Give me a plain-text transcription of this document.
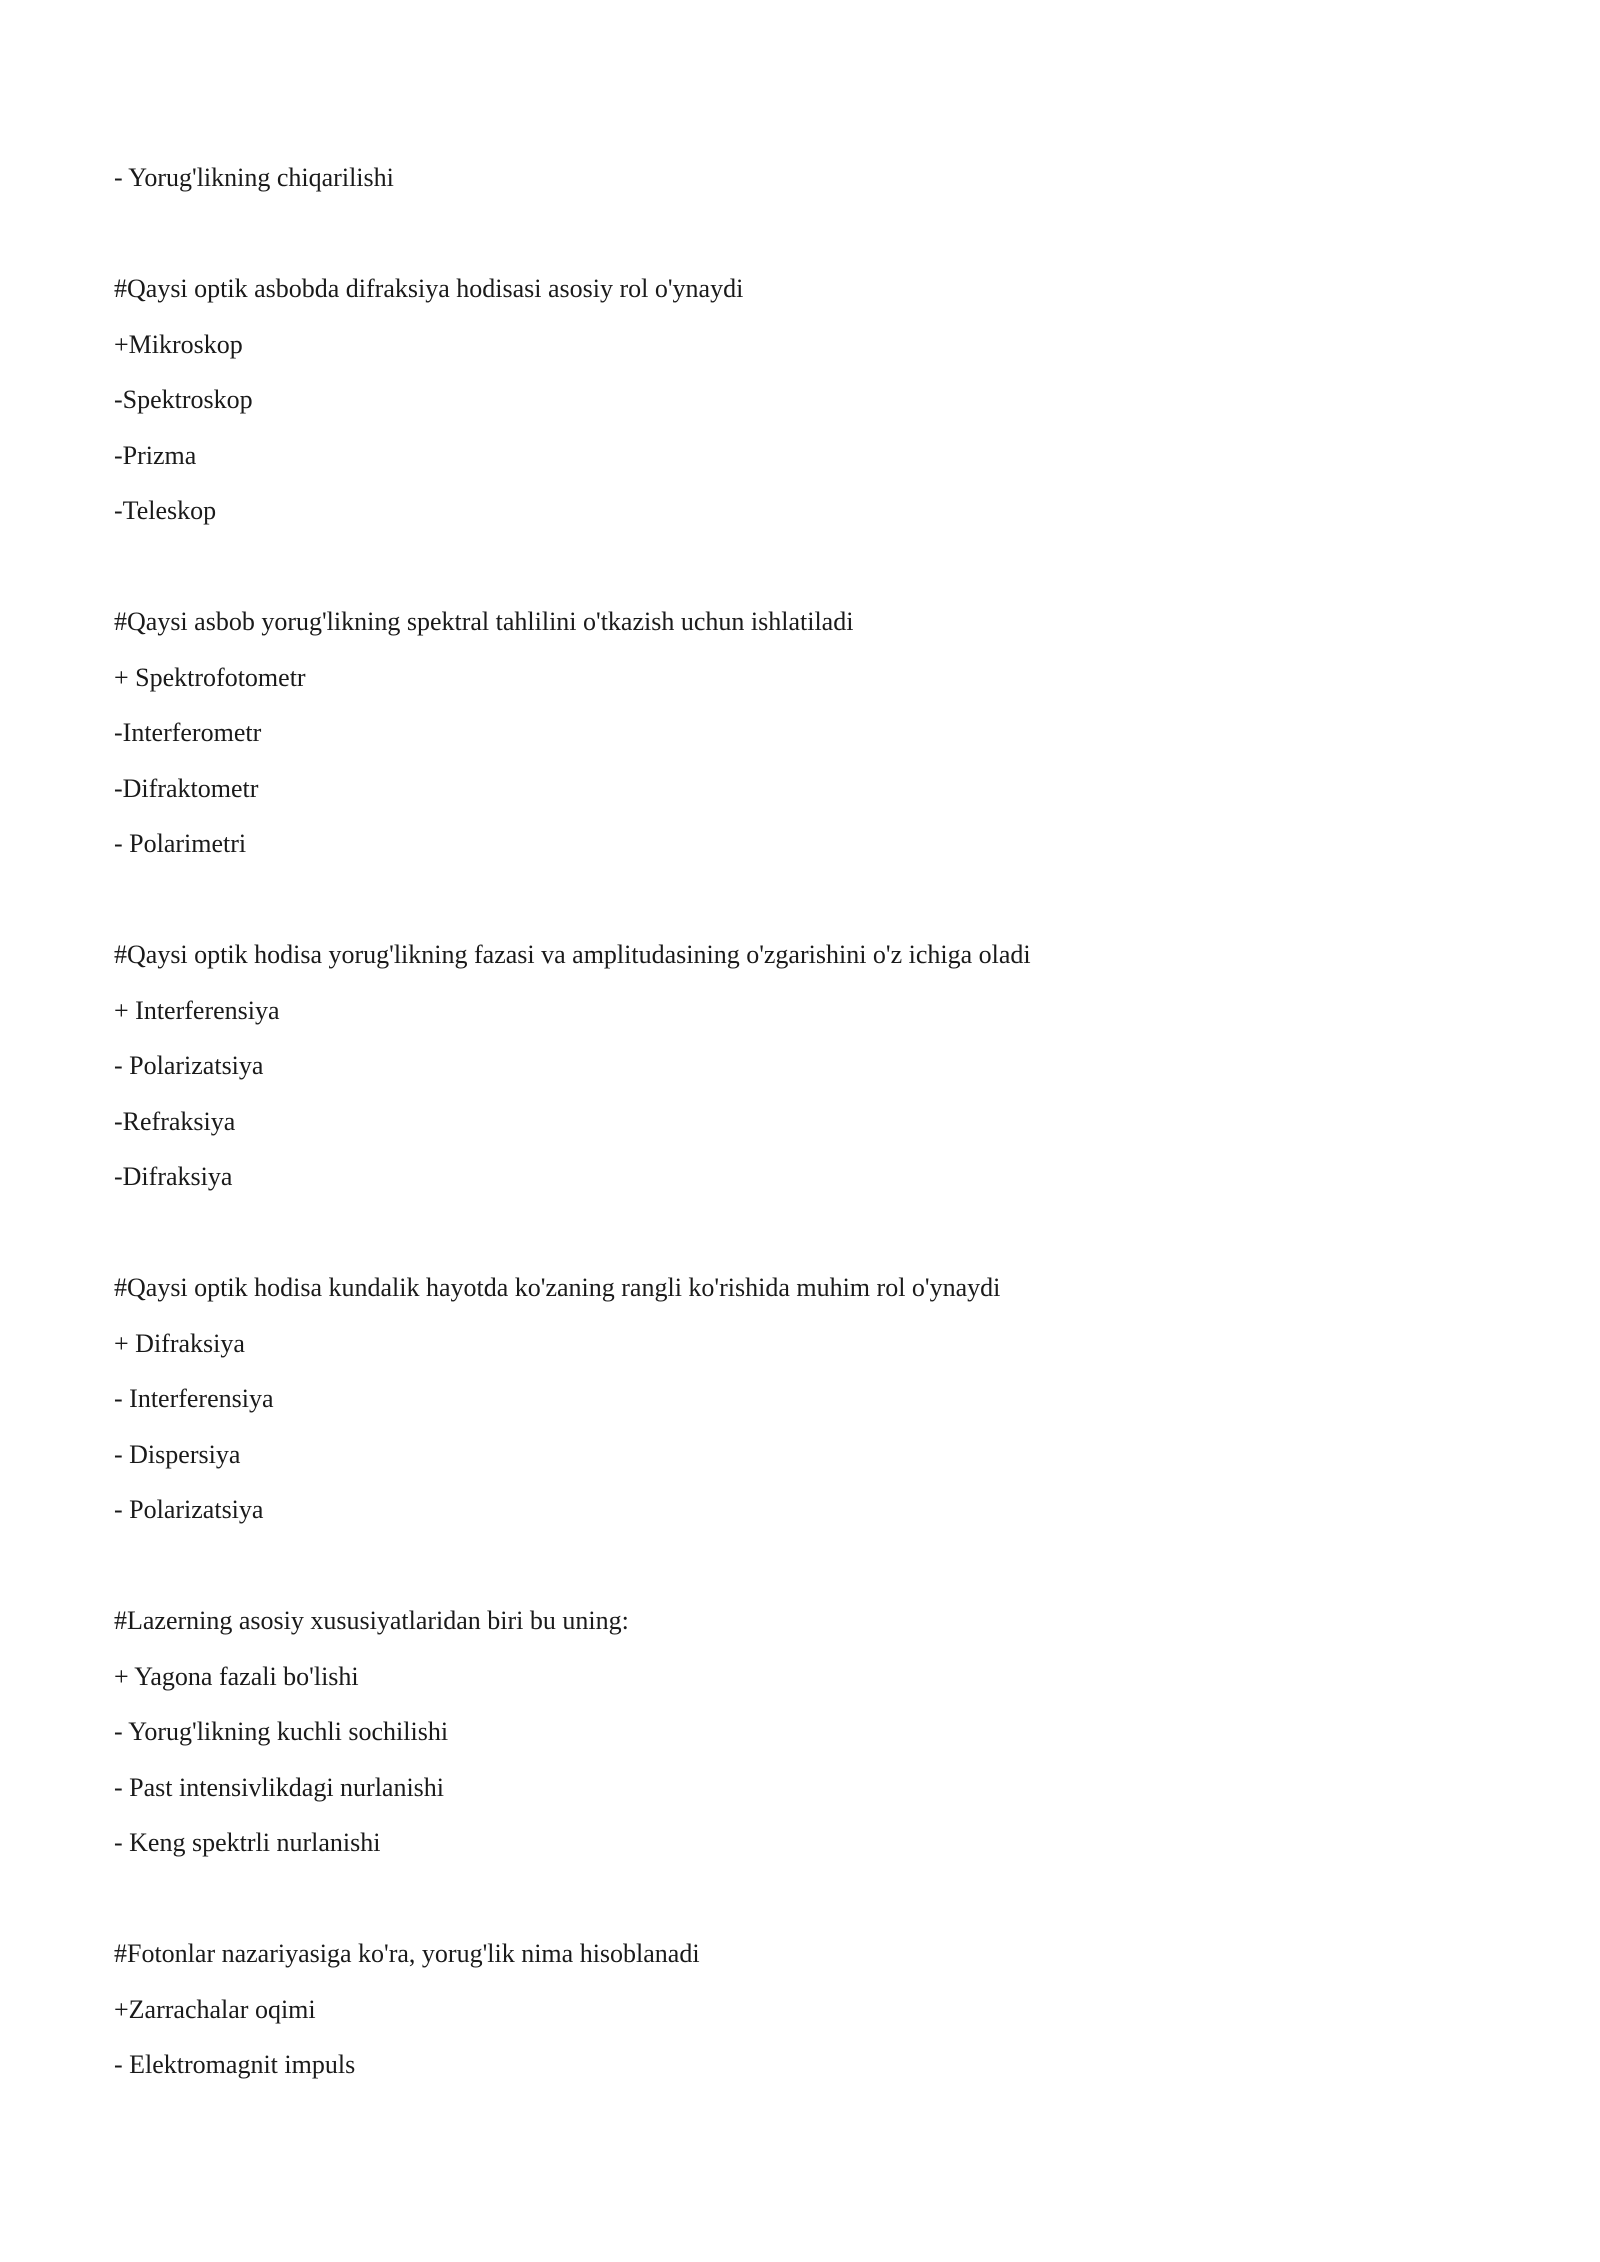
- Yorug'likning chiqarilishi
#Qaysi optik asbobda difraksiya hodisasi asosiy rol o'ynaydi
+Mikroskop
-Spektroskop
-Prizma
-Teleskop
#Qaysi asbob yorug'likning spektral tahlilini o'tkazish uchun ishlatiladi
+ Spektrofotometr
-Interferometr
-Difraktometr
- Polarimetri
#Qaysi optik hodisa yorug'likning fazasi va amplitudasining o'zgarishini o'z ichiga oladi
+ Interferensiya
- Polarizatsiya
-Refraksiya
-Difraksiya
#Qaysi optik hodisa kundalik hayotda ko'zaning rangli ko'rishida muhim rol o'ynaydi
+ Difraksiya
- Interferensiya
- Dispersiya
- Polarizatsiya
#Lazerning asosiy xususiyatlaridan biri bu uning:
+ Yagona fazali bo'lishi
- Yorug'likning kuchli sochilishi
- Past intensivlikdagi nurlanishi
- Keng spektrli nurlanishi
#Fotonlar nazariyasiga ko'ra, yorug'lik nima hisoblanadi
+Zarrachalar oqimi
- Elektromagnit impuls
